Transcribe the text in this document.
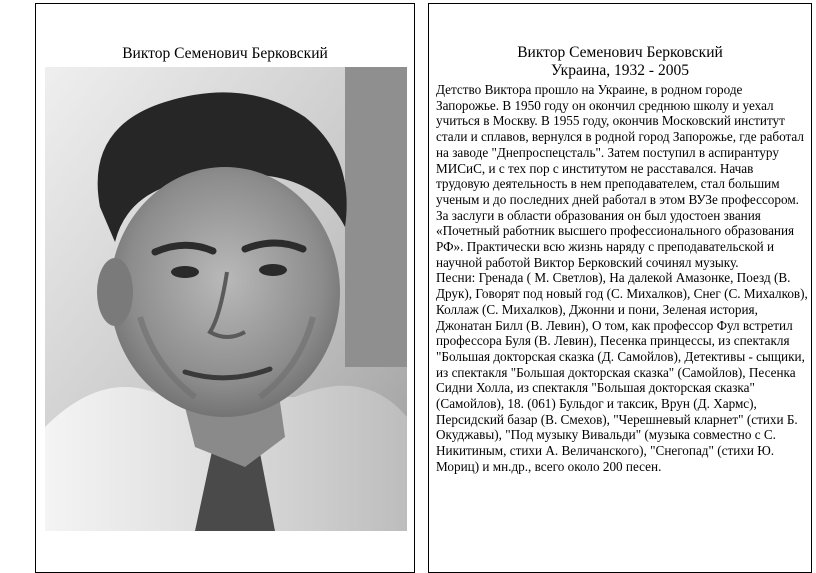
Виктор Семенович Берковский	Виктор Семенович Берковский
Украина, 1932 - 2005

Детство Виктора прошло на Украине, в родном городе Запорожье. В 1950 году он окончил среднюю школу и уехал учиться в Москву. В 1955 году, окончив Московский институт стали и сплавов, вернулся в родной город Запорожье, где работал на заводе "Днепроспецсталь". Затем поступил в аспирантуру МИСиС, и с тех пор с институтом не расставался. Начав трудовую деятельность в нем преподавателем, стал большим ученым и до последних дней работал в этом ВУЗе профессором. За заслуги в области образования он был удостоен звания «Почетный работник высшего профессионального образования РФ». Практически всю жизнь наряду с преподавательской и научной работой Виктор Берковский сочинял музыку.

Песни: Гренада ( М. Светлов), На далекой Амазонке, Поезд (В. Друк), Говорят под новый год (С. Михалков), Снег (С. Михалков), Коллаж (С. Михалков), Джонни и пони, Зеленая история, Джонатан Билл (В. Левин), О том, как профессор Фул встретил профессора Буля (В. Левин), Песенка принцессы, из спектакля "Большая докторская сказка (Д. Самойлов), Детективы - сыщики, из спектакля "Большая докторская сказка" (Самойлов), Песенка Сидни Холла, из спектакля "Большая докторская сказка" (Самойлов), 18. (061) Бульдог и таксик, Врун (Д. Хармс), Персидский базар (В. Смехов), "Черешневый кларнет" (стихи Б. Окуджавы), "Под музыку Вивальди" (музыка совместно с С. Никитиным, стихи А. Величанского), "Снегопад" (стихи Ю. Мориц) и мн.др., всего около 200 песен.
